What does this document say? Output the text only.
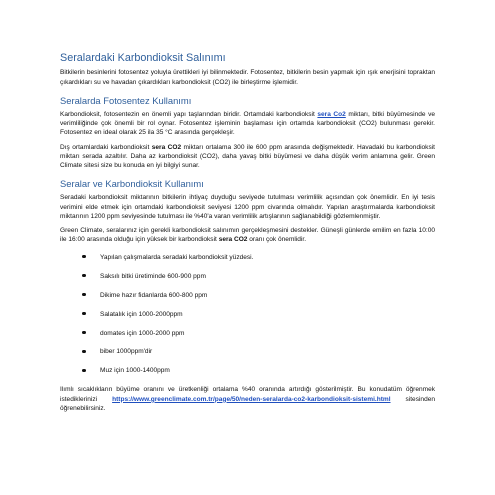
Seralardaki Karbondioksit Salınımı

Bitkilerin besinlerini fotosentez yoluyla ürettikleri iyi bilinmektedir. Fotosentez, bitkilerin besin yapmak için ışık enerjisini topraktan çıkardıkları su ve havadan çıkardıkları karbondioksit (CO2) ile birleştirme işlemidir.

Seralarda Fotosentez Kullanımı

Karbondioksit, fotosentezin en önemli yapı taşlarından biridir. Ortamdaki karbondioksit sera Co2 miktarı, bitki büyümesinde ve verimliliğinde çok önemli bir rol oynar. Fotosentez işleminin başlaması için ortamda karbondioksit (CO2) bulunması gerekir. Fotosentez en ideal olarak 25 ila 35 °C arasında gerçekleşir.

Dış ortamlardaki karbondioksit sera CO2 miktarı ortalama 300 ile 600 ppm arasında değişmektedir. Havadaki bu karbondioksit miktarı serada azaltılır. Daha az karbondioksit (CO2), daha yavaş bitki büyümesi ve daha düşük verim anlamına gelir. Green Climate sitesi size bu konuda en iyi bilgiyi sunar.

Seralar ve Karbondioksit Kullanımı

Seradaki karbondioksit miktarının bitkilerin ihtiyaç duyduğu seviyede tutulması verimlilik açısından çok önemlidir. En iyi tesis verimini elde etmek için ortamdaki karbondioksit seviyesi 1200 ppm civarında olmalıdır. Yapılan araştırmalarda karbondioksit miktarının 1200 ppm seviyesinde tutulması ile %40'a varan verimlilik artışlarının sağlanabildiği gözlemlenmiştir.

Green Climate, seralarınız için gerekli karbondioksit salınımın gerçekleşmesini destekler. Güneşli günlerde emilim en fazla 10:00 ile 16:00 arasında olduğu için yüksek bir karbondioksit sera CO2 oranı çok önemlidir.

Yapılan çalışmalarda seradaki karbondioksit yüzdesi.
Saksılı bitki üretiminde 600-900 ppm
Dikime hazır fidanlarda 600-800 ppm
Salatalık için 1000-2000ppm
domates için 1000-2000 ppm
biber 1000ppm'dir
Muz için 1000-1400ppm

Ilımlı sıcaklıkların büyüme oranını ve üretkenliği ortalama %40 oranında artırdığı gösterilmiştir. Bu konudatüm öğrenmek istediklerinizi https://www.greenclimate.com.tr/page/50/neden-seralarda-co2-karbondioksit-sistemi.html sitesinden öğrenebilirsiniz.
